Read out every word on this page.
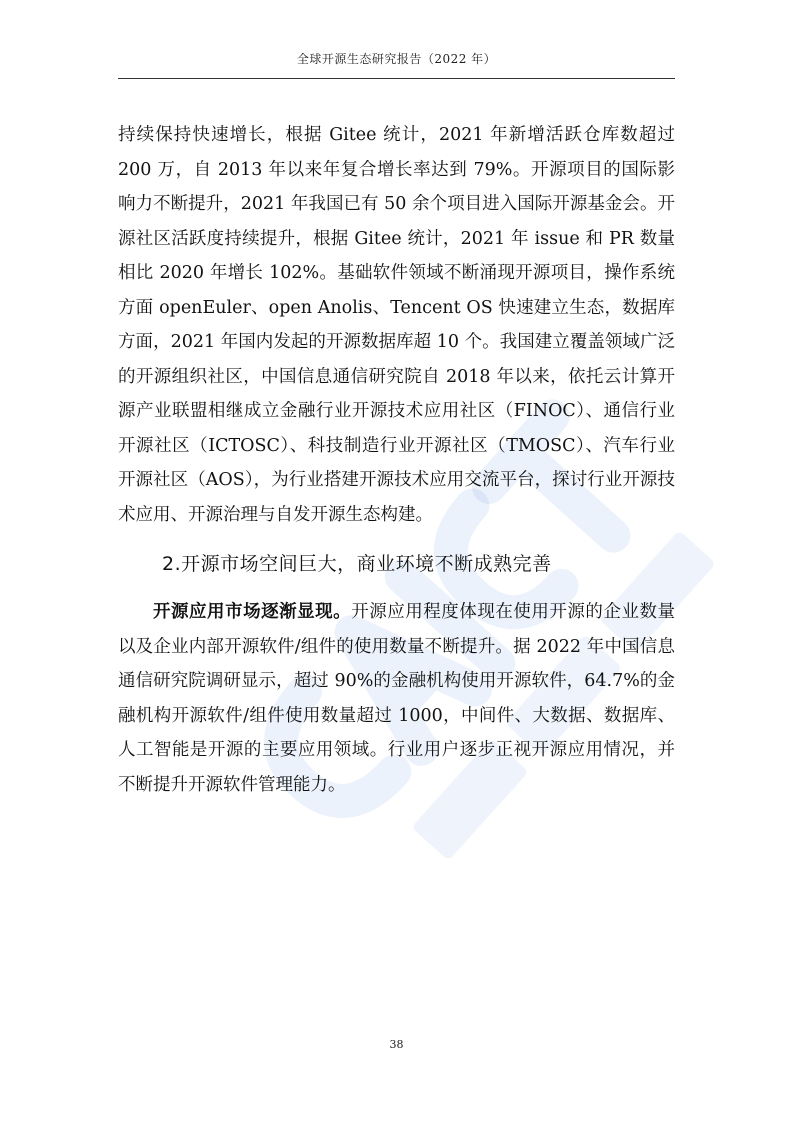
全球开源生态研究报告（2022 年）

持续保持快速增长，根据 Gitee 统计，2021 年新增活跃仓库数超过200 万，自 2013 年以来年复合增长率达到 79%。开源项目的国际影响力不断提升，2021 年我国已有 50 余个项目进入国际开源基金会。开源社区活跃度持续提升，根据 Gitee 统计，2021 年 issue 和 PR 数量相比 2020 年增长 102%。基础软件领域不断涌现开源项目，操作系统方面 openEuler、open Anolis、Tencent OS 快速建立生态，数据库方面，2021 年国内发起的开源数据库超 10 个。我国建立覆盖领域广泛的开源组织社区，中国信息通信研究院自 2018 年以来，依托云计算开源产业联盟相继成立金融行业开源技术应用社区（FINOC）、通信行业开源社区（ICTOSC）、科技制造行业开源社区（TMOSC）、汽车行业开源社区（AOS），为行业搭建开源技术应用交流平台，探讨行业开源技术应用、开源治理与自发开源生态构建。

2.开源市场空间巨大，商业环境不断成熟完善

开源应用市场逐渐显现。开源应用程度体现在使用开源的企业数量以及企业内部开源软件/组件的使用数量不断提升。据 2022 年中国信息通信研究院调研显示，超过 90%的金融机构使用开源软件，64.7%的金融机构开源软件/组件使用数量超过 1000，中间件、大数据、数据库、人工智能是开源的主要应用领域。行业用户逐步正视开源应用情况，并不断提升开源软件管理能力。

38
